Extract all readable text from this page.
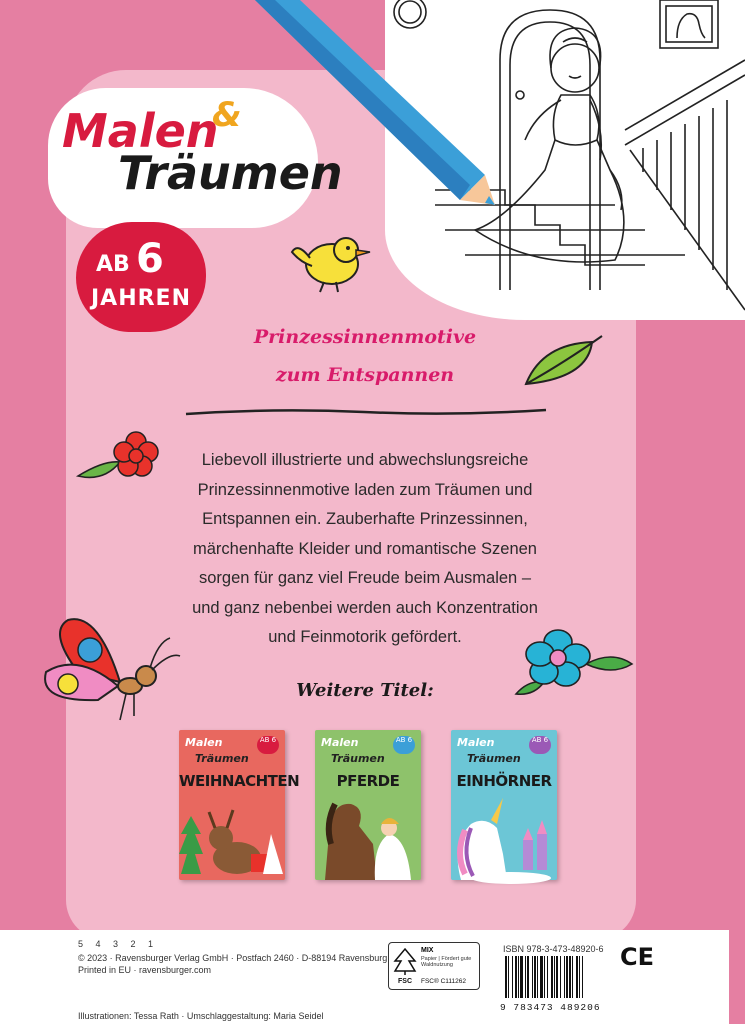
Malen
&
Träumen
AB 6
JAHREN
Prinzessinnenmotive
zum Entspannen
Liebevoll illustrierte und abwechslungsreiche
Prinzessinnenmotive laden zum Träumen und
Entspannen ein. Zauberhafte Prinzessinnen,
märchenhafte Kleider und romantische Szenen
sorgen für ganz viel Freude beim Ausmalen –
und ganz nebenbei werden auch Konzentration
und Feinmotorik gefördert.
Weitere Titel:
Malen
Träumen
AB 6
WEIHNACHTEN
Malen
Träumen
AB 6
PFERDE
Malen
Träumen
AB 6
EINHÖRNER
5 4 3 2 1
© 2023 · Ravensburger Verlag GmbH · Postfach 2460 · D-88194 Ravensburg
Printed in EU · ravensburger.com
Illustrationen: Tessa Rath · Umschlaggestaltung: Maria Seidel
FSC
MIX
Papier | Fördert gute Waldnutzung
FSC® C111262
ISBN 978-3-473-48920-6
9 783473 489206
CE
